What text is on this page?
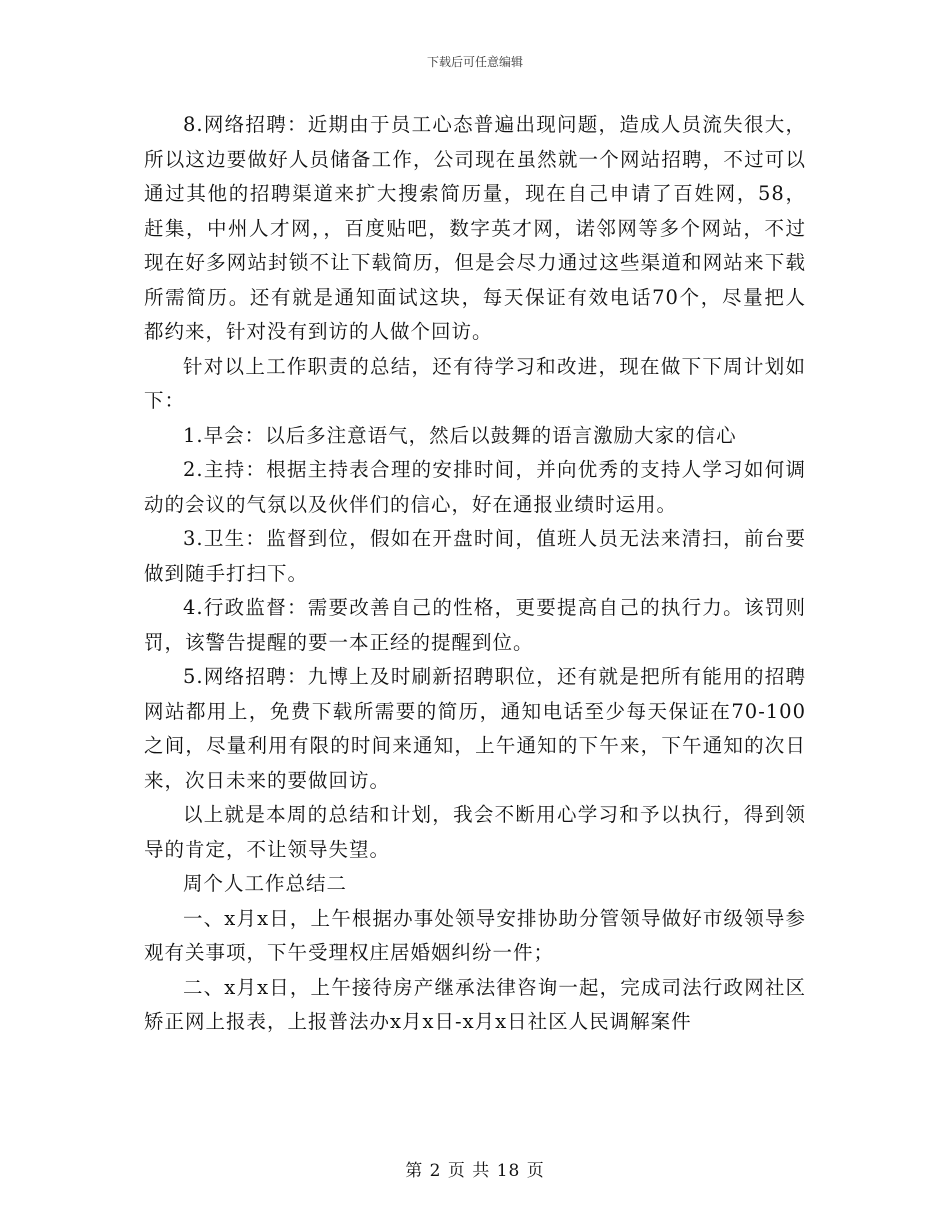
下载后可任意编辑

8.网络招聘：近期由于员工心态普遍出现问题，造成人员流失很大，所以这边要做好人员储备工作，公司现在虽然就一个网站招聘，不过可以通过其他的招聘渠道来扩大搜索简历量，现在自己申请了百姓网，58，赶集，中州人才网，，百度贴吧，数字英才网，诺邻网等多个网站，不过现在好多网站封锁不让下载简历，但是会尽力通过这些渠道和网站来下载所需简历。还有就是通知面试这块，每天保证有效电话70个，尽量把人都约来，针对没有到访的人做个回访。

针对以上工作职责的总结，还有待学习和改进，现在做下下周计划如下：

1.早会：以后多注意语气，然后以鼓舞的语言激励大家的信心

2.主持：根据主持表合理的安排时间，并向优秀的支持人学习如何调动的会议的气氛以及伙伴们的信心，好在通报业绩时运用。

3.卫生：监督到位，假如在开盘时间，值班人员无法来清扫，前台要做到随手打扫下。

4.行政监督：需要改善自己的性格，更要提高自己的执行力。该罚则罚，该警告提醒的要一本正经的提醒到位。

5.网络招聘：九博上及时刷新招聘职位，还有就是把所有能用的招聘网站都用上，免费下载所需要的简历，通知电话至少每天保证在70-100之间，尽量利用有限的时间来通知，上午通知的下午来，下午通知的次日来，次日未来的要做回访。

以上就是本周的总结和计划，我会不断用心学习和予以执行，得到领导的肯定，不让领导失望。

周个人工作总结二

一、x月x日，上午根据办事处领导安排协助分管领导做好市级领导参观有关事项，下午受理权庄居婚姻纠纷一件；

二、x月x日，上午接待房产继承法律咨询一起，完成司法行政网社区矫正网上报表，上报普法办x月x日-x月x日社区人民调解案件

第 2 页 共 18 页
